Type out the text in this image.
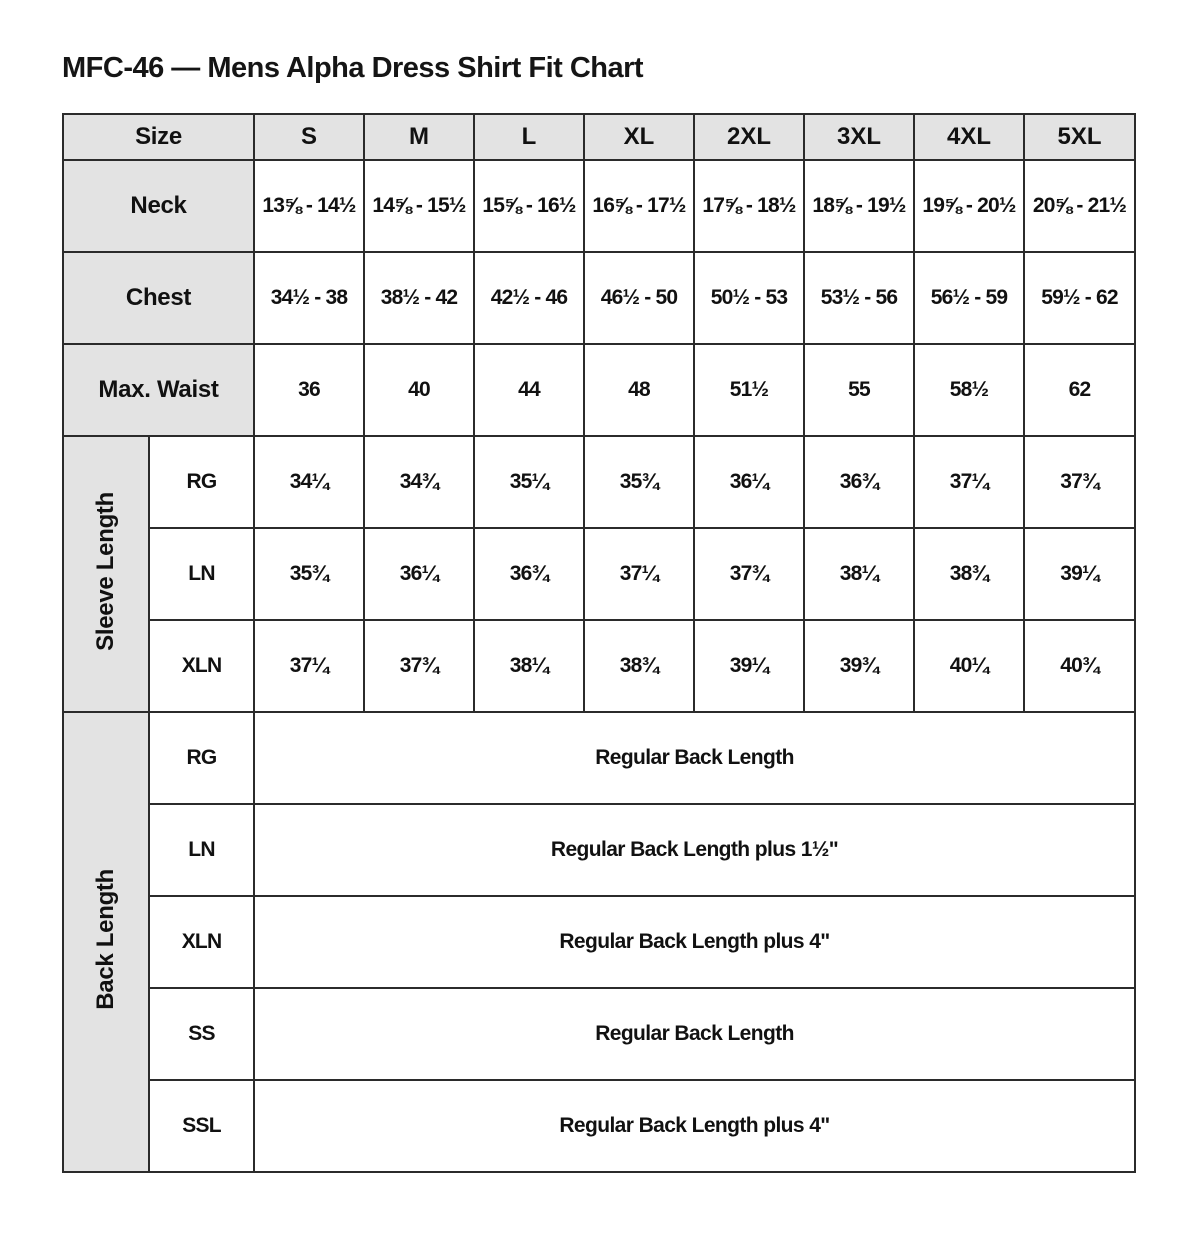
MFC-46 — Mens Alpha Dress Shirt Fit Chart
Size		S	M	L	XL	2XL	3XL	4XL	5XL
Neck		13⅝ - 14½	14⅝ - 15½	15⅝ - 16½	16⅝ - 17½	17⅝ - 18½	18⅝ - 19½	19⅝ - 20½	20⅝ - 21½
Chest		34½ - 38	38½ - 42	42½ - 46	46½ - 50	50½ - 53	53½ - 56	56½ - 59	59½ - 62
Max. Waist		36	40	44	48	51½	55	58½	62
Sleeve Length	RG	34¼	34¾	35¼	35¾	36¼	36¾	37¼	37¾
	LN	35¾	36¼	36¾	37¼	37¾	38¼	38¾	39¼
	XLN	37¼	37¾	38¼	38¾	39¼	39¾	40¼	40¾
Back Length	RG	Regular Back Length							
	LN	Regular Back Length plus 1½"							
	XLN	Regular Back Length plus 4"							
	SS	Regular Back Length							
	SSL	Regular Back Length plus 4"							
